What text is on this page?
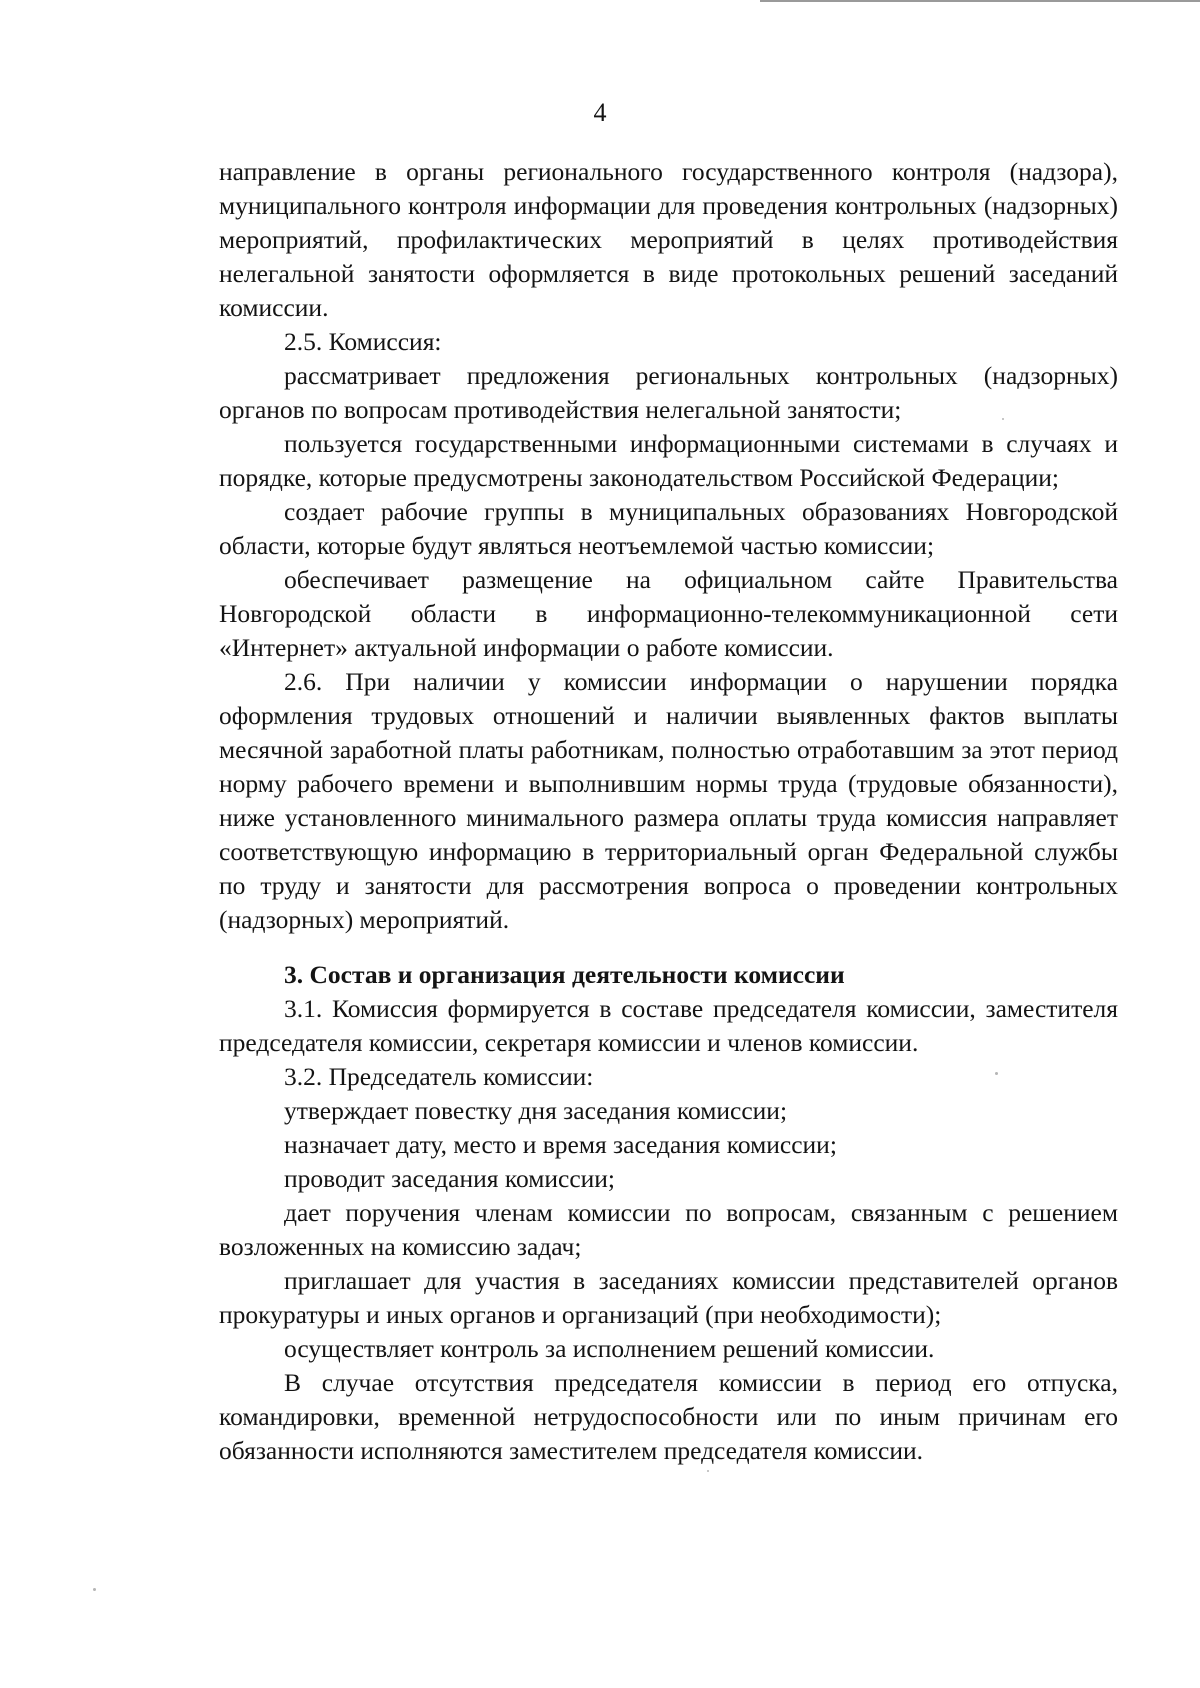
4

направление в органы регионального государственного контроля (надзора), муниципального контроля информации для проведения контрольных (надзорных) мероприятий, профилактических мероприятий в целях противодействия нелегальной занятости оформляется в виде протокольных решений заседаний комиссии.

2.5. Комиссия:

рассматривает предложения региональных контрольных (надзорных) органов по вопросам противодействия нелегальной занятости;

пользуется государственными информационными системами в случаях и порядке, которые предусмотрены законодательством Российской Федерации;

создает рабочие группы в муниципальных образованиях Новгородской области, которые будут являться неотъемлемой частью комиссии;

обеспечивает размещение на официальном сайте Правительства Новгородской области в информационно-телекоммуникационной сети «Интернет» актуальной информации о работе комиссии.

2.6. При наличии у комиссии информации о нарушении порядка оформления трудовых отношений и наличии выявленных фактов выплаты месячной заработной платы работникам, полностью отработавшим за этот период норму рабочего времени и выполнившим нормы труда (трудовые обязанности), ниже установленного минимального размера оплаты труда комиссия направляет соответствующую информацию в территориальный орган Федеральной службы по труду и занятости для рассмотрения вопроса о проведении контрольных (надзорных) мероприятий.

3. Состав и организация деятельности комиссии

3.1. Комиссия формируется в составе председателя комиссии, заместителя председателя комиссии, секретаря комиссии и членов комиссии.

3.2. Председатель комиссии:

утверждает повестку дня заседания комиссии;

назначает дату, место и время заседания комиссии;

проводит заседания комиссии;

дает поручения членам комиссии по вопросам, связанным с решением возложенных на комиссию задач;

приглашает для участия в заседаниях комиссии представителей органов прокуратуры и иных органов и организаций (при необходимости);

осуществляет контроль за исполнением решений комиссии.

В случае отсутствия председателя комиссии в период его отпуска, командировки, временной нетрудоспособности или по иным причинам его обязанности исполняются заместителем председателя комиссии.
